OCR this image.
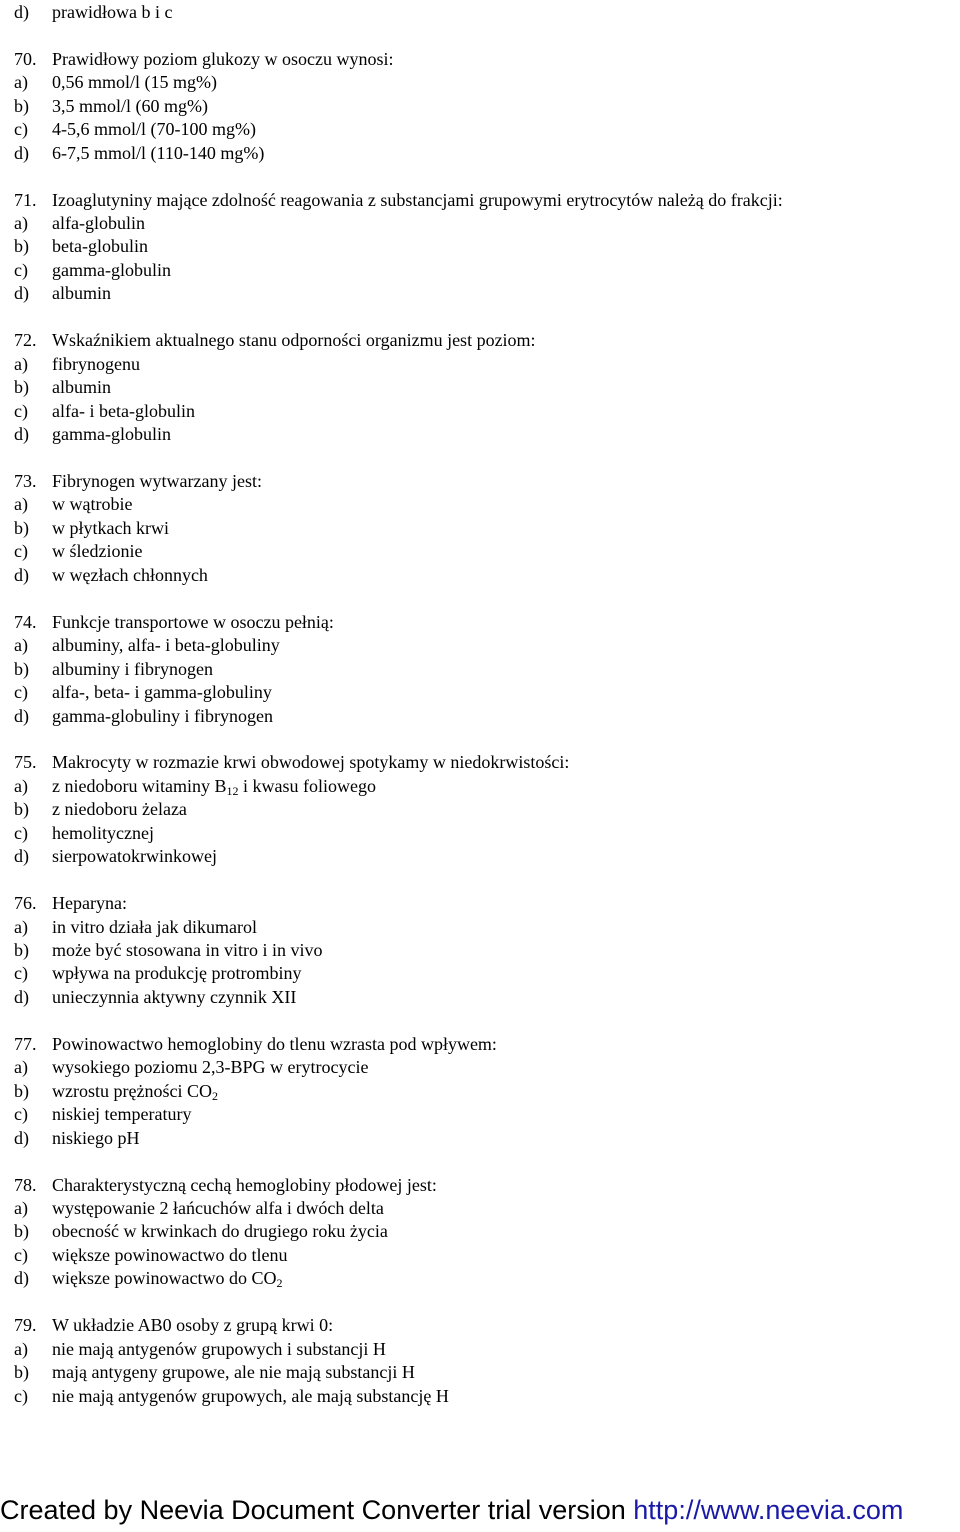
d) prawidłowa b i c
70. Prawidłowy poziom glukozy w osoczu wynosi:
a) 0,56 mmol/l (15 mg%)
b) 3,5 mmol/l (60 mg%)
c) 4-5,6 mmol/l (70-100 mg%)
d) 6-7,5 mmol/l (110-140 mg%)
71. Izoaglutyniny mające zdolność reagowania z substancjami grupowymi erytrocytów należą do frakcji:
a) alfa-globulin
b) beta-globulin
c) gamma-globulin
d) albumin
72. Wskaźnikiem aktualnego stanu odporności organizmu jest poziom:
a) fibrynogenu
b) albumin
c) alfa- i beta-globulin
d) gamma-globulin
73. Fibrynogen wytwarzany jest:
a) w wątrobie
b) w płytkach krwi
c) w śledzionie
d) w węzłach chłonnych
74. Funkcje transportowe w osoczu pełnią:
a) albuminy, alfa- i beta-globuliny
b) albuminy i fibrynogen
c) alfa-, beta- i gamma-globuliny
d) gamma-globuliny i fibrynogen
75. Makrocyty w rozmazie krwi obwodowej spotykamy w niedokrwistości:
a) z niedoboru witaminy $B_{12}$ i kwasu foliowego
b) z niedoboru żelaza
c) hemolitycznej
d) sierpowatokrwinkowej
76. Heparyna:
a) in vitro działa jak dikumarol
b) może być stosowana in vitro i in vivo
c) wpływa na produkcję protrombiny
d) unieczynnia aktywny czynnik XII
77. Powinowactwo hemoglobiny do tlenu wzrasta pod wpływem:
a) wysokiego poziomu 2,3-BPG w erytrocycie
b) wzrostu prężności $CO_2$
c) niskiej temperatury
d) niskiego pH
78. Charakterystyczną cechą hemoglobiny płodowej jest:
a) występowanie 2 łańcuchów alfa i dwóch delta
b) obecność w krwinkach do drugiego roku życia
c) większe powinowactwo do tlenu
d) większe powinowactwo do $CO_2$
79. W układzie AB0 osoby z grupą krwi 0:
a) nie mają antygenów grupowych i substancji H
b) mają antygeny grupowe, ale nie mają substancji H
c) nie mają antygenów grupowych, ale mają substancję H
Created by Neevia Document Converter trial version http://www.neevia.com
